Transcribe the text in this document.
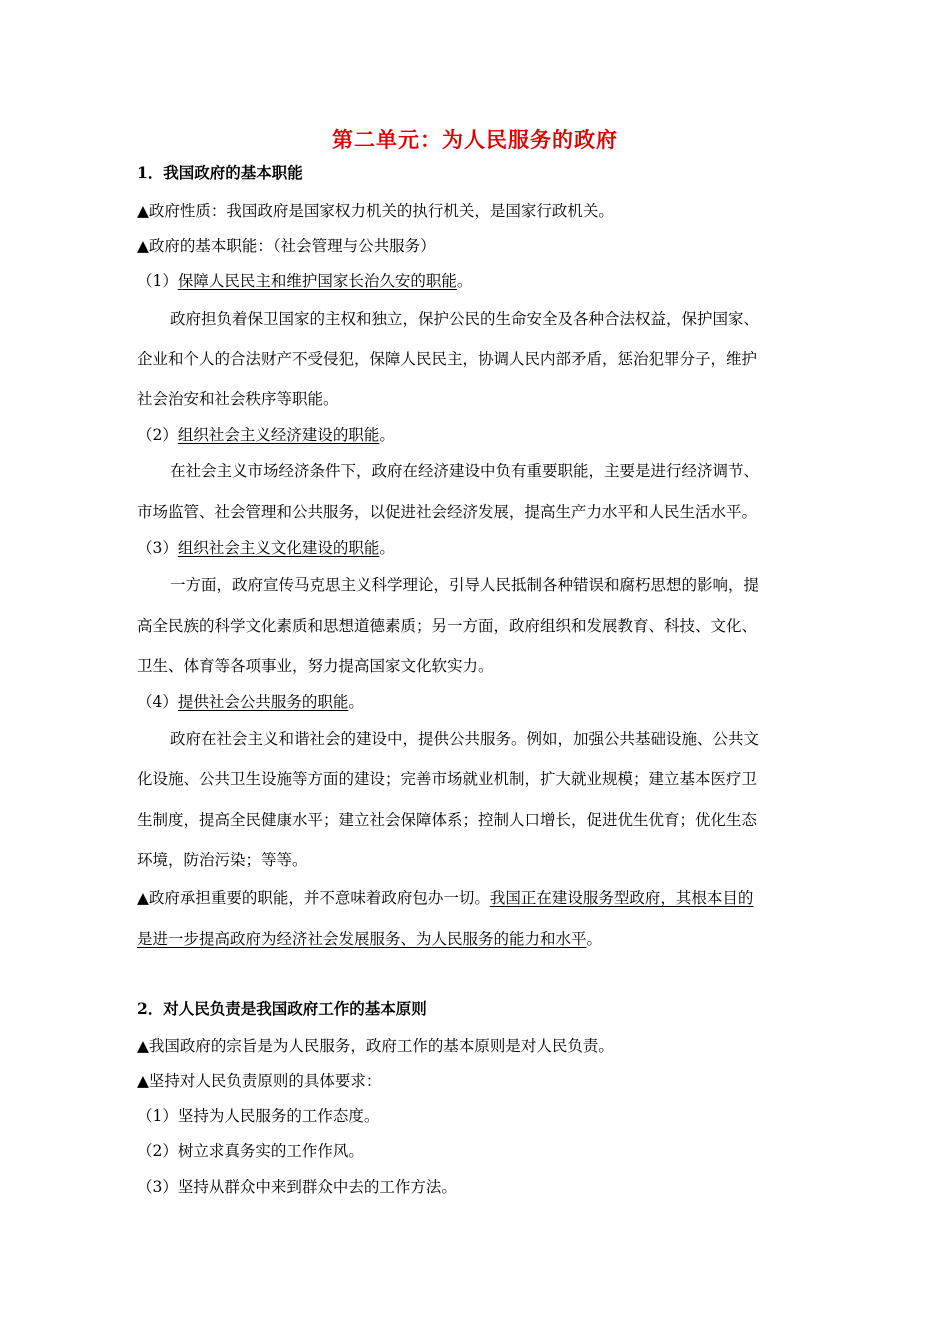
第二单元：为人民服务的政府
1．我国政府的基本职能
▲政府性质：我国政府是国家权力机关的执行机关，是国家行政机关。
▲政府的基本职能：（社会管理与公共服务）
（1）保障人民民主和维护国家长治久安的职能。
政府担负着保卫国家的主权和独立，保护公民的生命安全及各种合法权益，保护国家、
企业和个人的合法财产不受侵犯，保障人民民主，协调人民内部矛盾，惩治犯罪分子，维护
社会治安和社会秩序等职能。
（2）组织社会主义经济建设的职能。
在社会主义市场经济条件下，政府在经济建设中负有重要职能，主要是进行经济调节、
市场监管、社会管理和公共服务，以促进社会经济发展，提高生产力水平和人民生活水平。
（3）组织社会主义文化建设的职能。
一方面，政府宣传马克思主义科学理论，引导人民抵制各种错误和腐朽思想的影响，提
高全民族的科学文化素质和思想道德素质；另一方面，政府组织和发展教育、科技、文化、
卫生、体育等各项事业，努力提高国家文化软实力。
（4）提供社会公共服务的职能。
政府在社会主义和谐社会的建设中，提供公共服务。例如，加强公共基础设施、公共文
化设施、公共卫生设施等方面的建设；完善市场就业机制，扩大就业规模；建立基本医疗卫
生制度，提高全民健康水平；建立社会保障体系；控制人口增长，促进优生优育；优化生态
环境，防治污染；等等。
▲政府承担重要的职能，并不意味着政府包办一切。我国正在建设服务型政府，其根本目的
是进一步提高政府为经济社会发展服务、为人民服务的能力和水平。
2．对人民负责是我国政府工作的基本原则
▲我国政府的宗旨是为人民服务，政府工作的基本原则是对人民负责。
▲坚持对人民负责原则的具体要求：
（1）坚持为人民服务的工作态度。
（2）树立求真务实的工作作风。
（3）坚持从群众中来到群众中去的工作方法。
